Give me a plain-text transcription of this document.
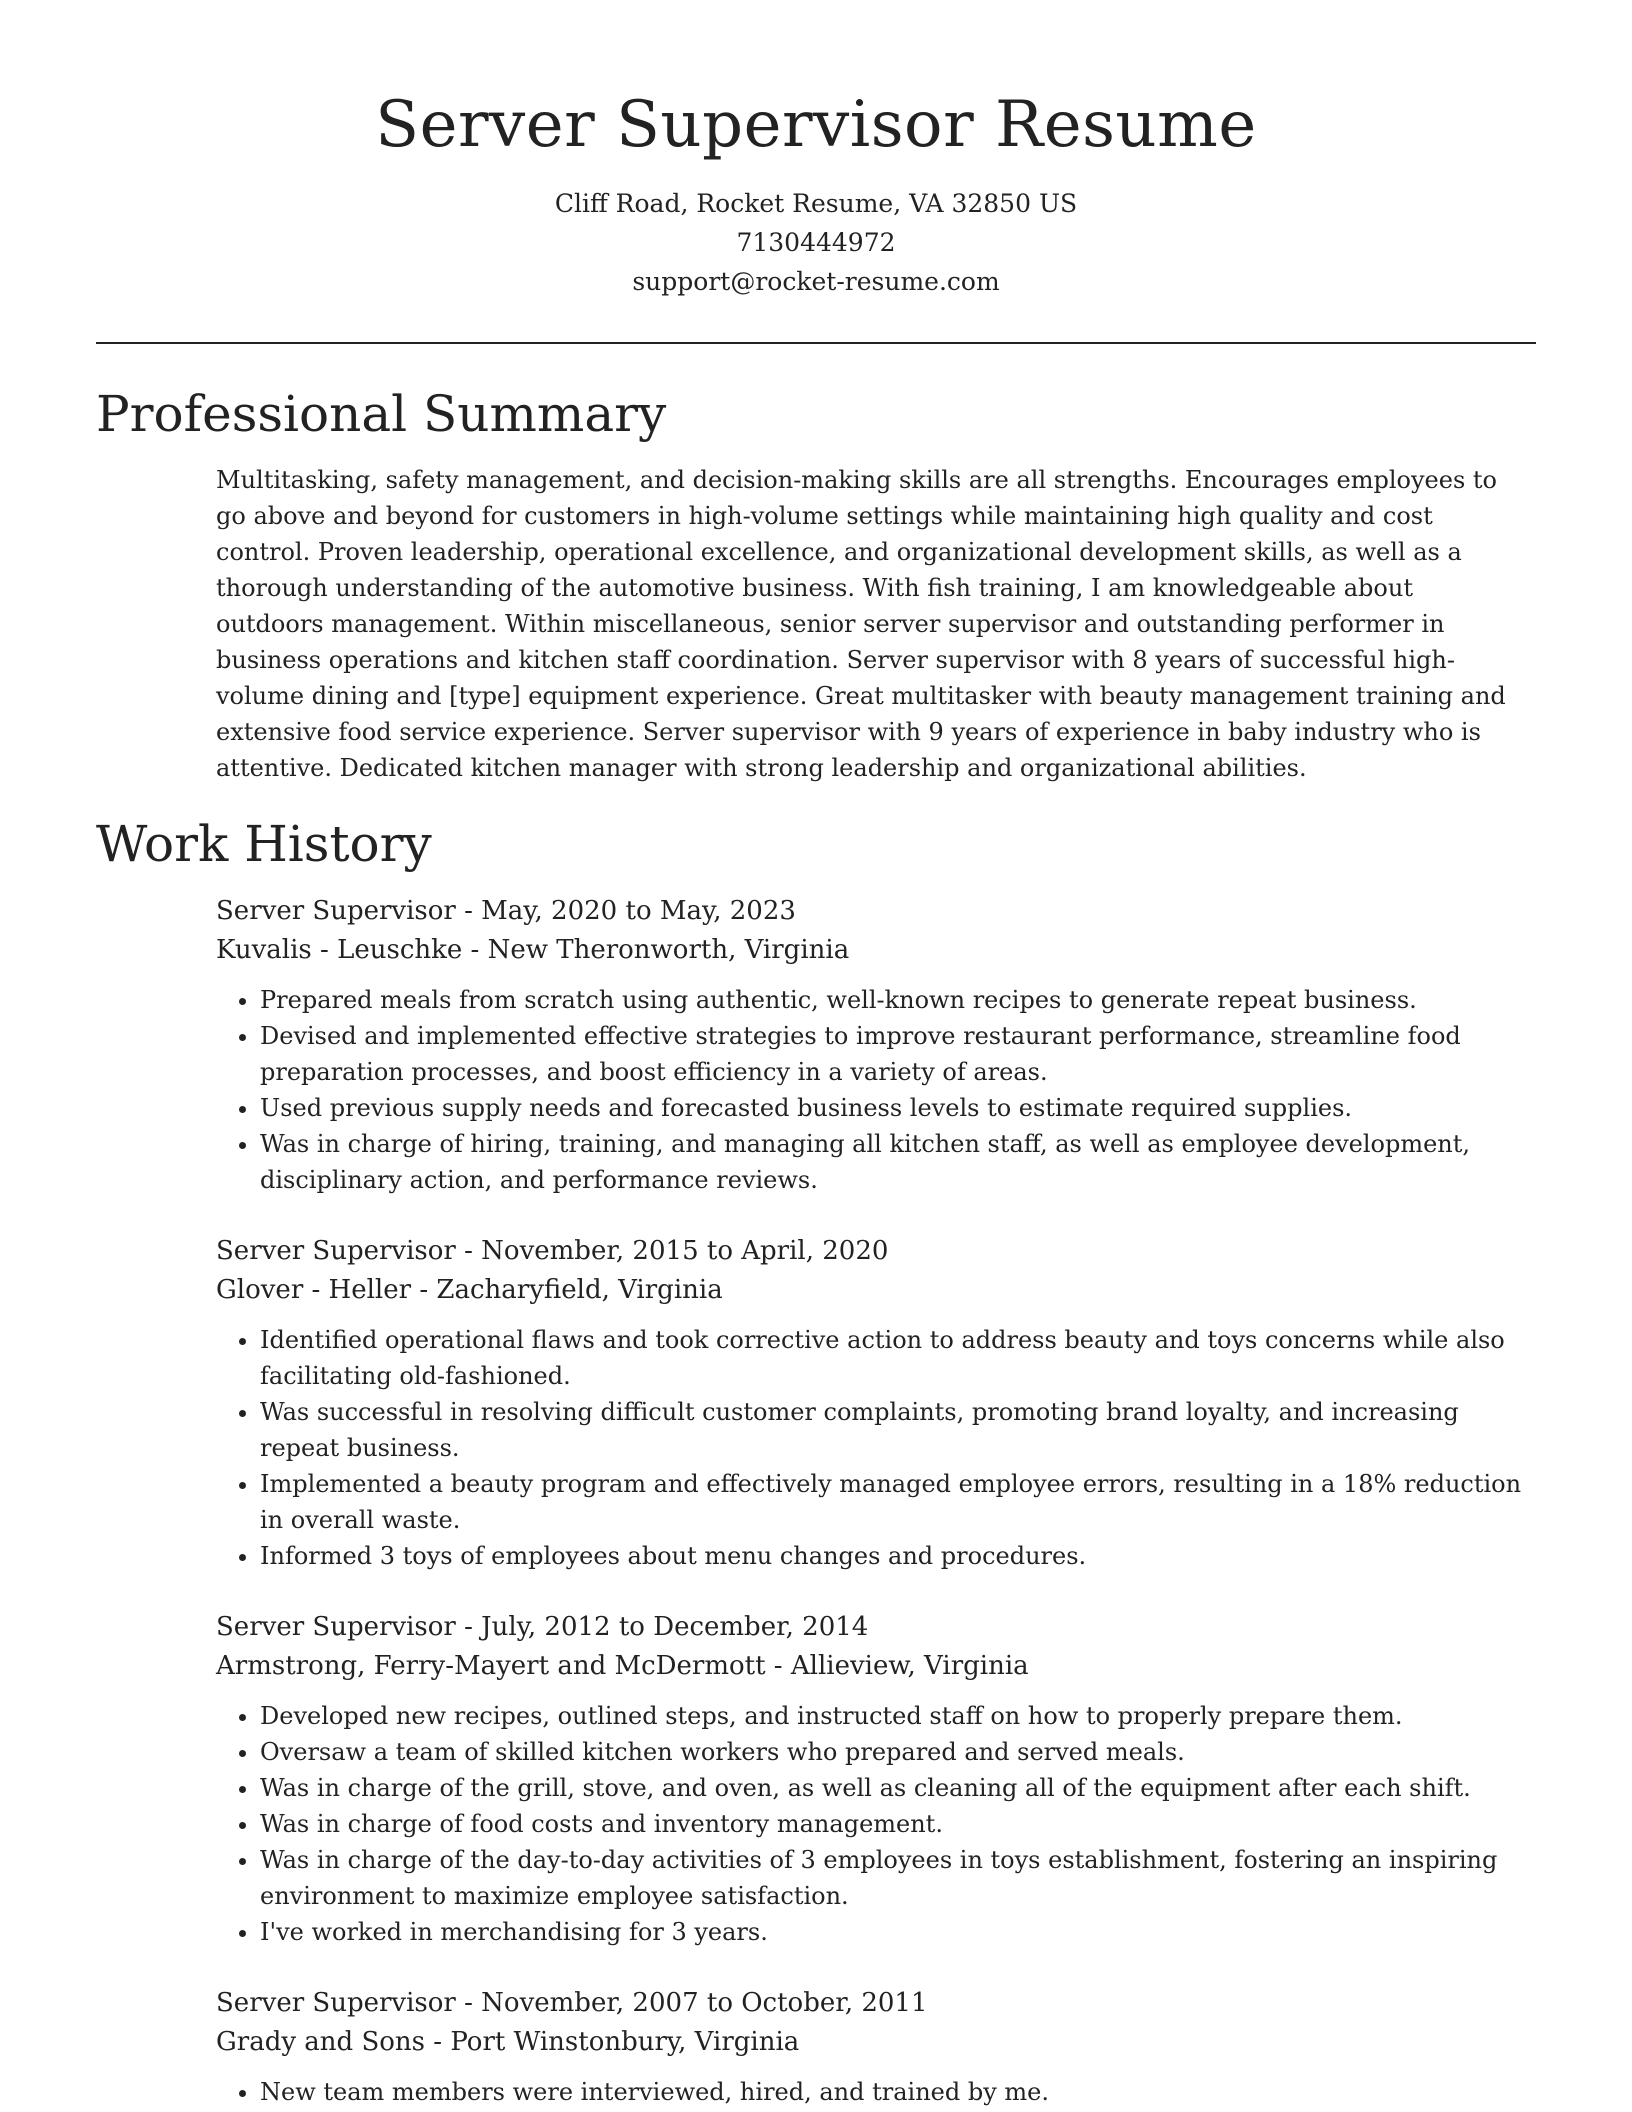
Server Supervisor Resume

Cliff Road, Rocket Resume, VA 32850 US

7130444972

support@rocket-resume.com

Professional Summary

Multitasking, safety management, and decision-making skills are all strengths. Encourages employees to go above and beyond for customers in high-volume settings while maintaining high quality and cost control. Proven leadership, operational excellence, and organizational development skills, as well as a thorough understanding of the automotive business. With fish training, I am knowledgeable about outdoors management. Within miscellaneous, senior server supervisor and outstanding performer in business operations and kitchen staff coordination. Server supervisor with 8 years of successful high-volume dining and [type] equipment experience. Great multitasker with beauty management training and extensive food service experience. Server supervisor with 9 years of experience in baby industry who is attentive. Dedicated kitchen manager with strong leadership and organizational abilities.

Work History

Server Supervisor - May, 2020 to May, 2023

Kuvalis - Leuschke - New Theronworth, Virginia

• Prepared meals from scratch using authentic, well-known recipes to generate repeat business.
• Devised and implemented effective strategies to improve restaurant performance, streamline food preparation processes, and boost efficiency in a variety of areas.
• Used previous supply needs and forecasted business levels to estimate required supplies.
• Was in charge of hiring, training, and managing all kitchen staff, as well as employee development, disciplinary action, and performance reviews.

Server Supervisor - November, 2015 to April, 2020

Glover - Heller - Zacharyfield, Virginia

• Identified operational flaws and took corrective action to address beauty and toys concerns while also facilitating old-fashioned.
• Was successful in resolving difficult customer complaints, promoting brand loyalty, and increasing repeat business.
• Implemented a beauty program and effectively managed employee errors, resulting in a 18% reduction in overall waste.
• Informed 3 toys of employees about menu changes and procedures.

Server Supervisor - July, 2012 to December, 2014

Armstrong, Ferry-Mayert and McDermott - Allieview, Virginia

• Developed new recipes, outlined steps, and instructed staff on how to properly prepare them.
• Oversaw a team of skilled kitchen workers who prepared and served meals.
• Was in charge of the grill, stove, and oven, as well as cleaning all of the equipment after each shift.
• Was in charge of food costs and inventory management.
• Was in charge of the day-to-day activities of 3 employees in toys establishment, fostering an inspiring environment to maximize employee satisfaction.
• I've worked in merchandising for 3 years.

Server Supervisor - November, 2007 to October, 2011

Grady and Sons - Port Winstonbury, Virginia

• New team members were interviewed, hired, and trained by me.
